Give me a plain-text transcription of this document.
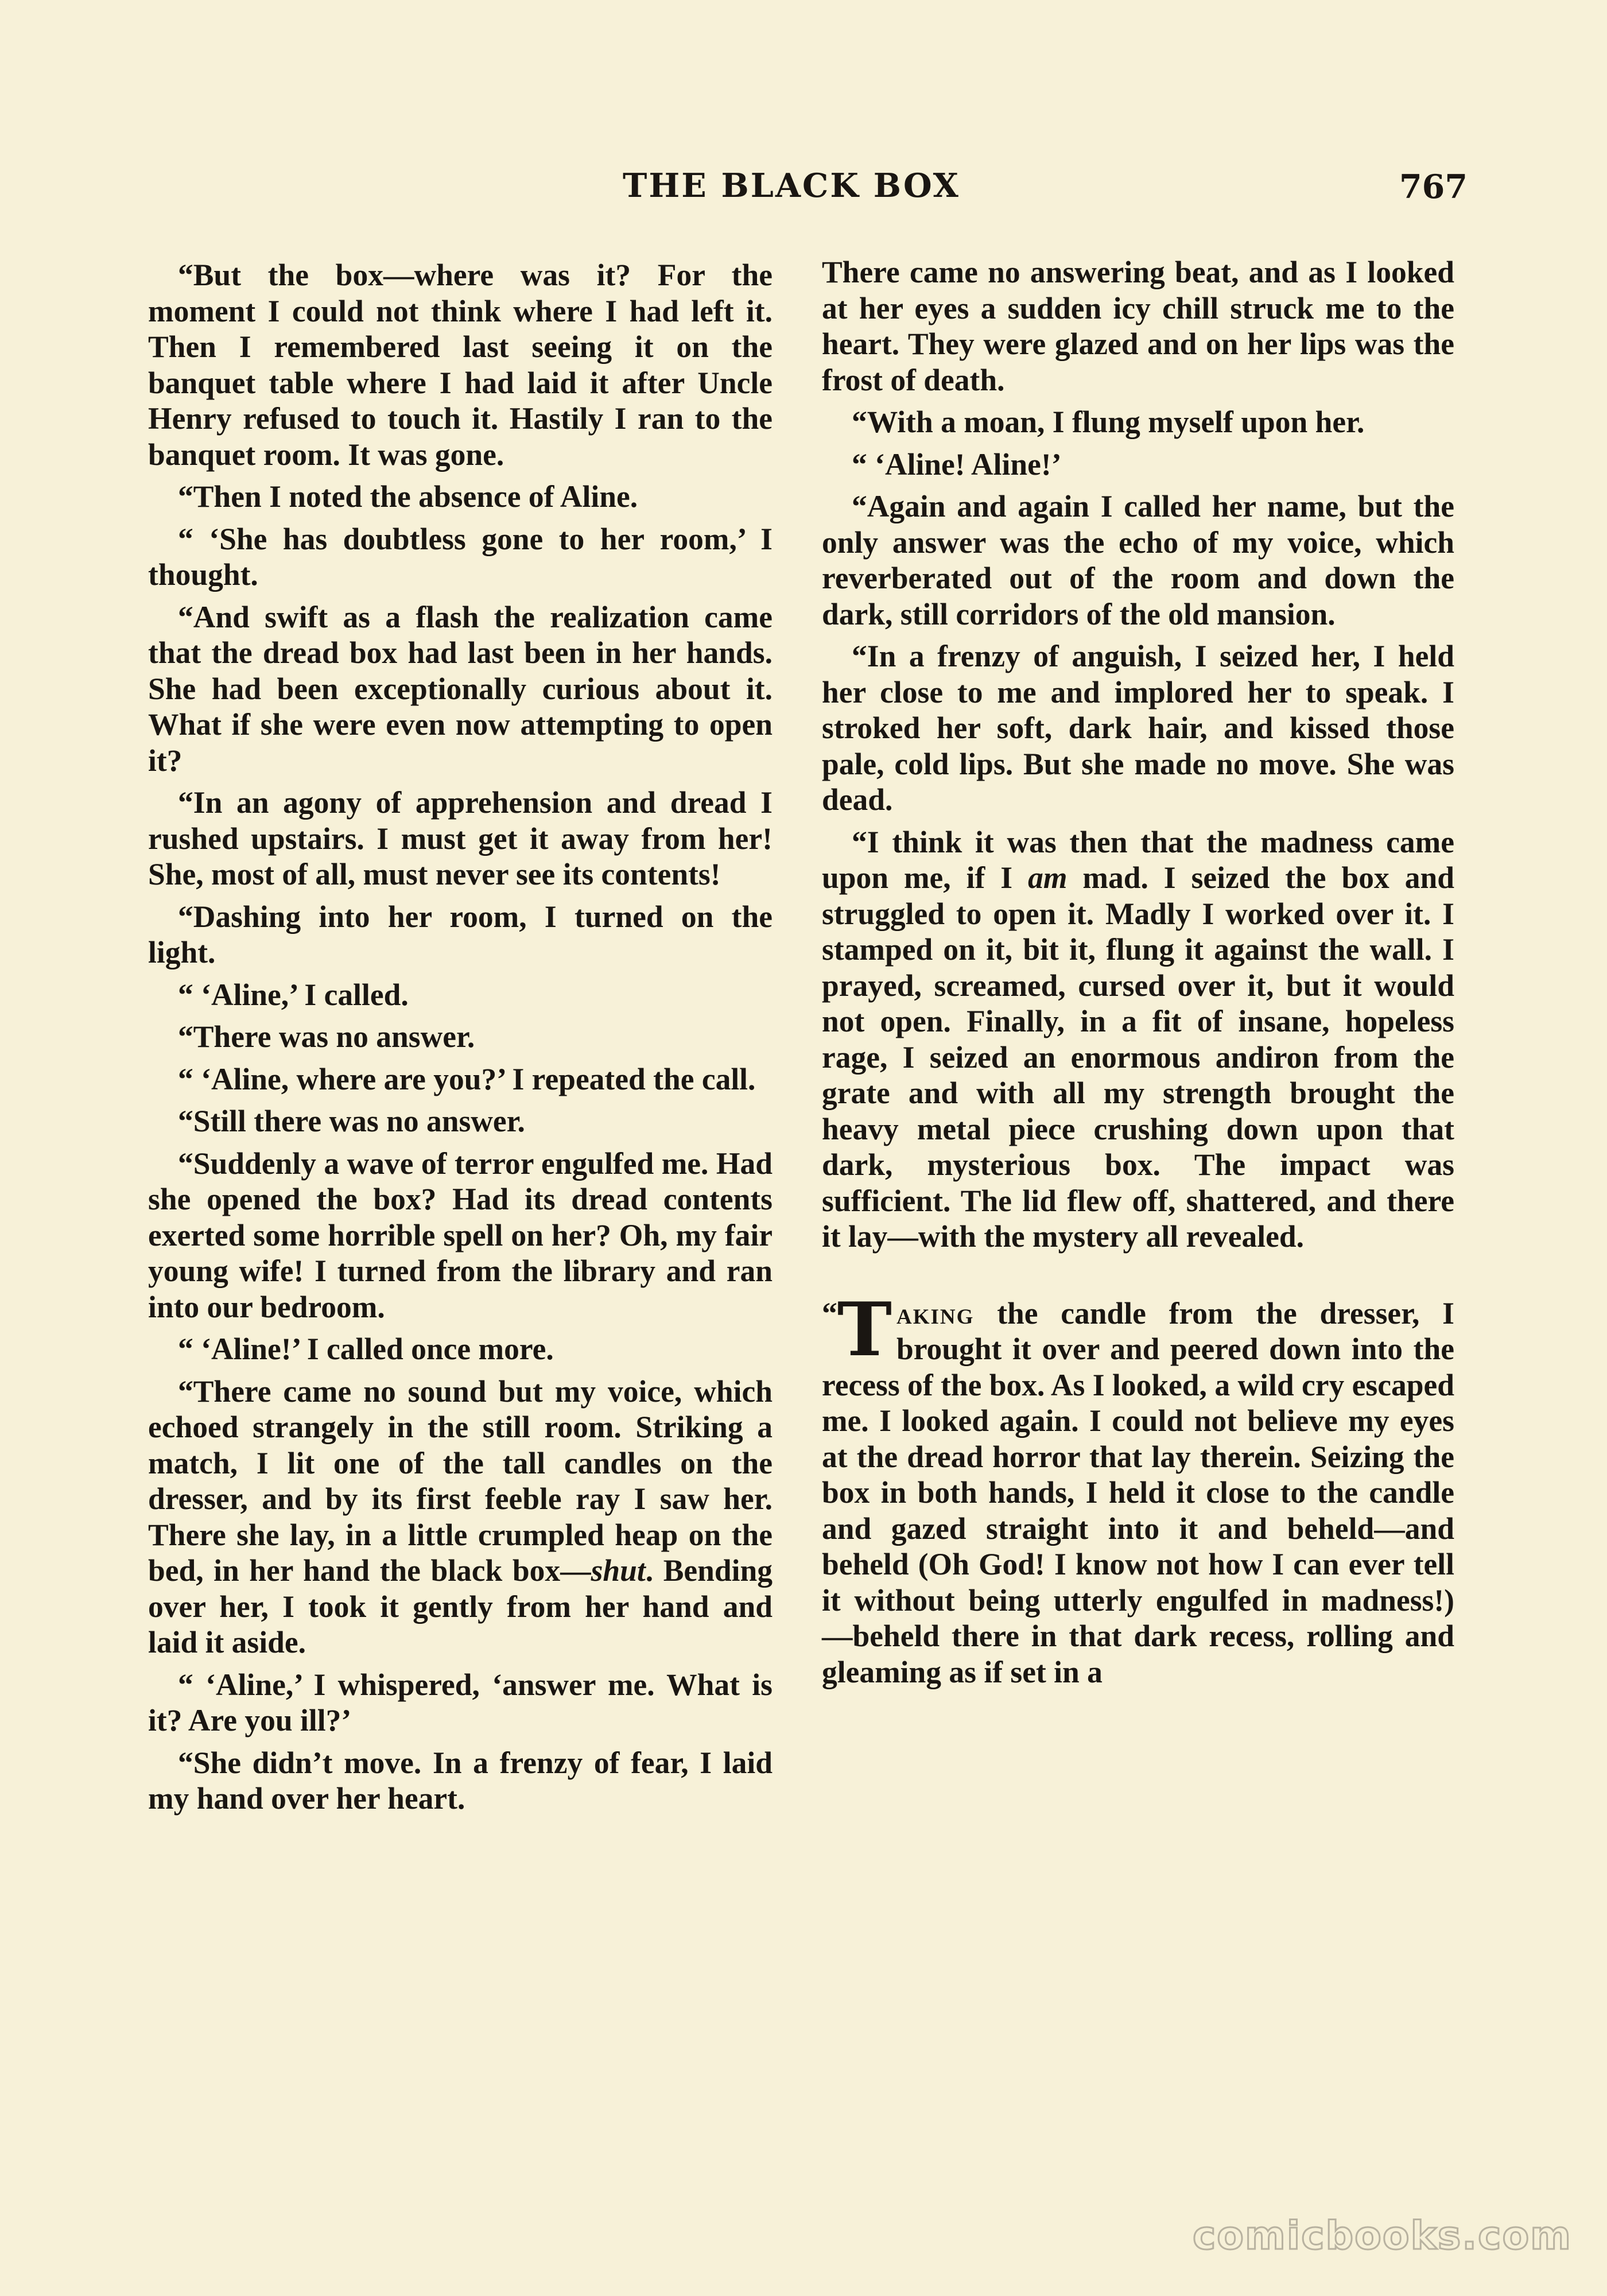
THE BLACK BOX	767

“But the box—where was it? For the moment I could not think where I had left it. Then I remembered last seeing it on the banquet table where I had laid it after Uncle Henry refused to touch it. Hastily I ran to the banquet room. It was gone.

“Then I noted the absence of Aline.

“ ‘She has doubtless gone to her room,’ I thought.

“And swift as a flash the realization came that the dread box had last been in her hands. She had been exceptionally curious about it. What if she were even now attempting to open it?

“In an agony of apprehension and dread I rushed upstairs. I must get it away from her! She, most of all, must never see its contents!

“Dashing into her room, I turned on the light.

“ ‘Aline,’ I called.

“There was no answer.

“ ‘Aline, where are you?’ I repeated the call.

“Still there was no answer.

“Suddenly a wave of terror engulfed me. Had she opened the box? Had its dread contents exerted some horrible spell on her? Oh, my fair young wife! I turned from the library and ran into our bedroom.

“ ‘Aline!’ I called once more.

“There came no sound but my voice, which echoed strangely in the still room. Striking a match, I lit one of the tall candles on the dresser, and by its first feeble ray I saw her. There she lay, in a little crumpled heap on the bed, in her hand the black box—shut. Bending over her, I took it gently from her hand and laid it aside.

“ ‘Aline,’ I whispered, ‘answer me. What is it? Are you ill?’

“She didn’t move. In a frenzy of fear, I laid my hand over her heart.

There came no answering beat, and as I looked at her eyes a sudden icy chill struck me to the heart. They were glazed and on her lips was the frost of death.

“With a moan, I flung myself upon her.

“ ‘Aline! Aline!’

“Again and again I called her name, but the only answer was the echo of my voice, which reverberated out of the room and down the dark, still corridors of the old mansion.

“In a frenzy of anguish, I seized her, I held her close to me and implored her to speak. I stroked her soft, dark hair, and kissed those pale, cold lips. But she made no move. She was dead.

“I think it was then that the madness came upon me, if I am mad. I seized the box and struggled to open it. Madly I worked over it. I stamped on it, bit it, flung it against the wall. I prayed, screamed, cursed over it, but it would not open. Finally, in a fit of insane, hopeless rage, I seized an enormous andiron from the grate and with all my strength brought the heavy metal piece crushing down upon that dark, mysterious box. The impact was sufficient. The lid flew off, shattered, and there it lay—with the mystery all revealed.

“ T aking the candle from the dresser, I brought it over and peered down into the recess of the box. As I looked, a wild cry escaped me. I looked again. I could not believe my eyes at the dread horror that lay therein. Seizing the box in both hands, I held it close to the candle and gazed straight into it and beheld—and beheld (Oh God! I know not how I can ever tell it without being utterly engulfed in madness!) —beheld there in that dark recess, rolling and gleaming as if set in a

comicbooks.com
